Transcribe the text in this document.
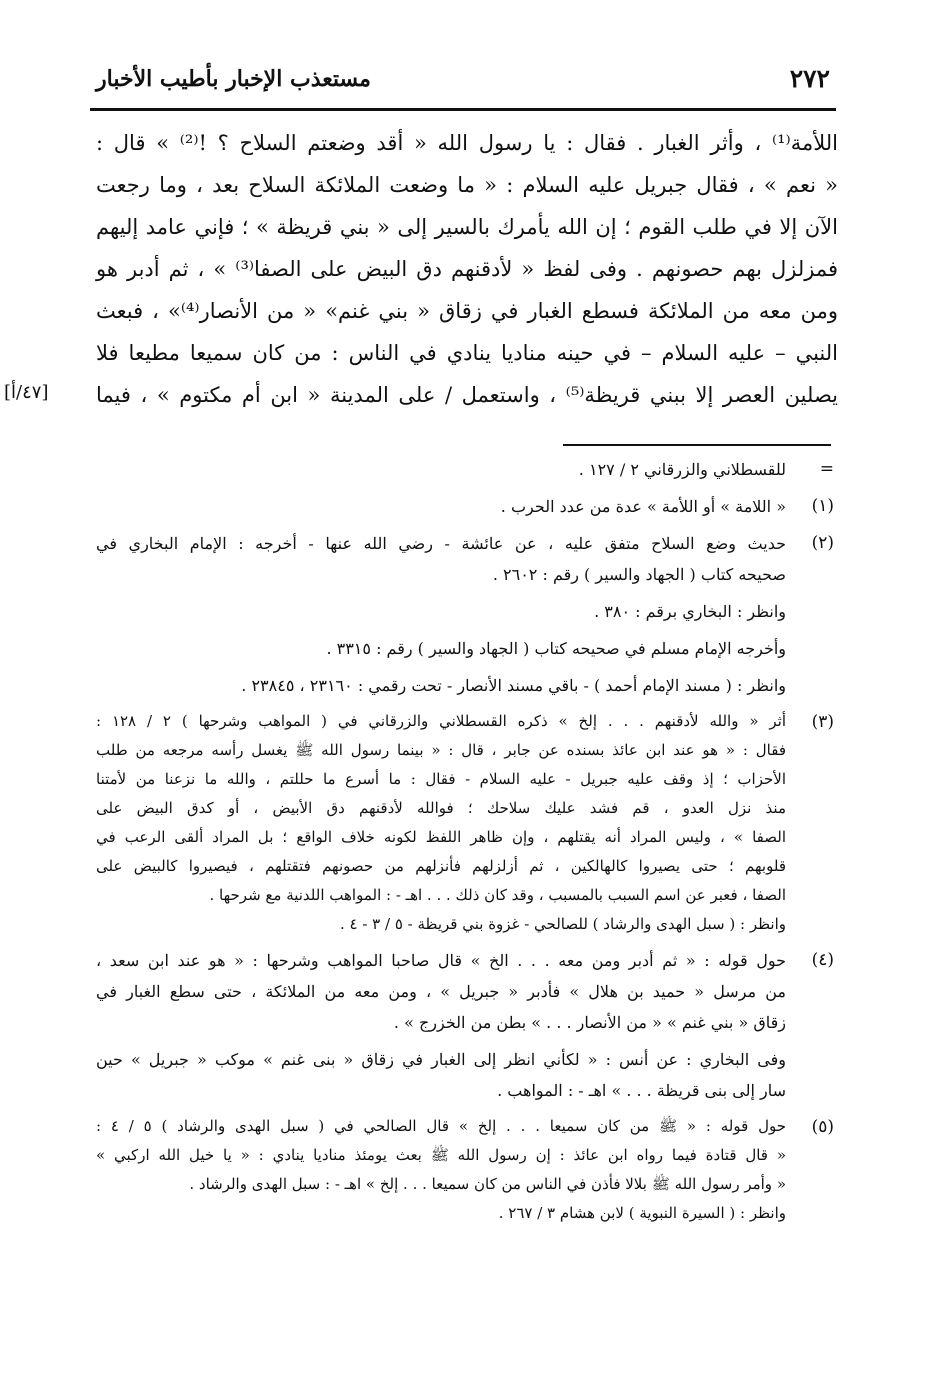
٢٧٢
مستعذب الإخبار بأطيب الأخبار
اللأمة⁽¹⁾ ، وأثر الغبار . فقال : يا رسول الله « أقد وضعتم السلاح ؟ !⁽²⁾ » قال :
« نعم » ، فقال جبريل عليه السلام : « ما وضعت الملائكة السلاح بعد ، وما رجعت
الآن إلا في طلب القوم ؛ إن الله يأمرك بالسير إلى « بني قريظة » ؛ فإني عامد إليهم
فمزلزل بهم حصونهم . وفى لفظ « لأدقنهم دق البيض على الصفا⁽³⁾ » ، ثم أدبر هو
ومن معه من الملائكة فسطع الغبار في زقاق « بني غنم» « من الأنصار⁽⁴⁾» ، فبعث
النبي – عليه السلام – في حينه مناديا ينادي في الناس : من كان سميعا مطيعا فلا
يصلين العصر إلا ببني قريظة⁽⁵⁾ ، واستعمل / على المدينة « ابن أم مكتوم » ، فيما
[٤٧/أ]
=
للقسطلاني والزرقاني ٢ / ١٢٧ .
(١)
« اللامة » أو اللأمة » عدة من عدد الحرب .
(٢)
حديث وضع السلاح متفق عليه ، عن عائشة - رضي الله عنها - أخرجه : الإمام البخاري في
صحيحه كتاب ( الجهاد والسير ) رقم : ٢٦٠٢ .
وانظر : البخاري برقم : ٣٨٠ .
وأخرجه الإمام مسلم في صحيحه كتاب ( الجهاد والسير ) رقم : ٣٣١٥ .
وانظر : ( مسند الإمام أحمد ) - باقي مسند الأنصار - تحت رقمي : ٢٣١٦٠ ، ٢٣٨٤٥ .
(٣)
أثر « والله لأدقنهم . . . إلخ » ذكره القسطلاني والزرقاني في ( المواهب وشرحها ) ٢ / ١٢٨ :
فقال : « هو عند ابن عائذ بسنده عن جابر ، قال : « بينما رسول الله ﷺ يغسل رأسه مرجعه من طلب
الأحزاب ؛ إذ وقف عليه جبريل - عليه السلام - فقال : ما أسرع ما حللتم ، والله ما نزعنا من لأمتنا
منذ نزل العدو ، قم فشد عليك سلاحك ؛ فوالله لأدقنهم دق الأبيض ، أو كدق البيض على
الصفا » ، وليس المراد أنه يقتلهم ، وإن ظاهر اللفظ لكونه خلاف الواقع ؛ بل المراد ألقى الرعب في
قلوبهم ؛ حتى يصيروا كالهالكين ، ثم أزلزلهم فأنزلهم من حصونهم فتقتلهم ، فيصيروا كالبيض على
الصفا ، فعبر عن اسم السبب بالمسبب ، وقد كان ذلك . . . اهـ - : المواهب اللدنية مع شرحها .
وانظر : ( سبل الهدى والرشاد ) للصالحي - غزوة بني قريظة - ٥ / ٣ - ٤ .
(٤)
حول قوله : « ثم أدبر ومن معه . . . الخ » قال صاحبا المواهب وشرحها : « هو عند ابن سعد ،
من مرسل « حميد بن هلال » فأدبر « جبريل » ، ومن معه من الملائكة ، حتى سطع الغبار في
زقاق « بني غنم » « من الأنصار . . . » بطن من الخزرج » .
وفى البخاري : عن أنس : « لكأني انظر إلى الغبار في زقاق « بنى غنم » موكب « جبريل » حين
سار إلى بنى قريظة . . . » اهـ - : المواهب .
(٥)
حول قوله : « ﷺ من كان سميعا . . . إلخ » قال الصالحي في ( سبل الهدى والرشاد ) ٥ / ٤ :
« قال قتادة فيما رواه ابن عائذ : إن رسول الله ﷺ بعث يومئذ مناديا ينادي : « يا خيل الله اركبي »
« وأمر رسول الله ﷺ بلالا فأذن في الناس من كان سميعا . . . إلخ » اهـ - : سبل الهدى والرشاد .
وانظر : ( السيرة النبوية ) لابن هشام ٣ / ٢٦٧ .
